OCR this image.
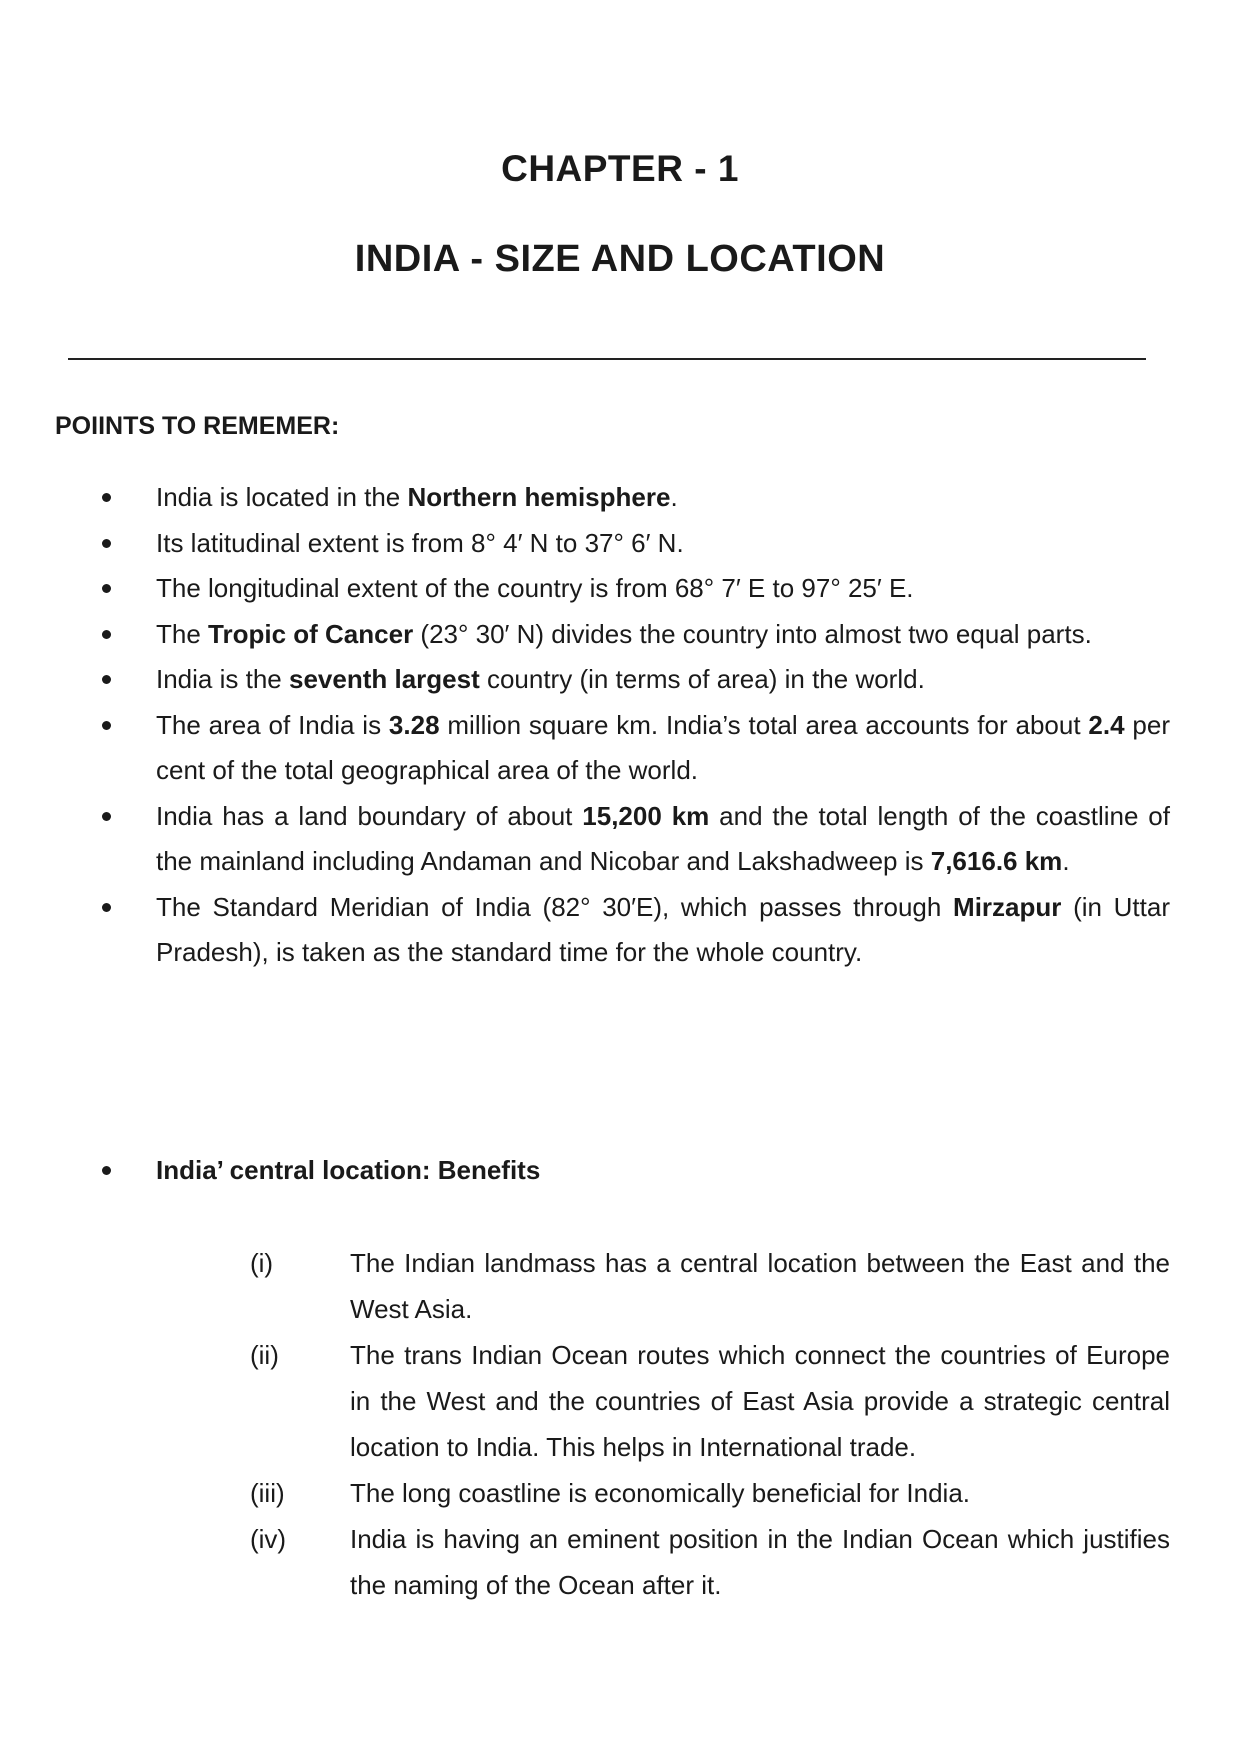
CHAPTER - 1
INDIA - SIZE AND LOCATION
POIINTS TO REMEMER:
India is located in the Northern hemisphere.
Its latitudinal extent is from 8° 4′ N to 37° 6′ N.
The longitudinal extent of the country is from 68° 7′ E to 97° 25′ E.
The Tropic of Cancer (23° 30′ N) divides the country into almost two equal parts.
India is the seventh largest country (in terms of area) in the world.
The area of India is 3.28 million square km. India’s total area accounts for about 2.4 per cent of the total geographical area of the world.
India has a land boundary of about 15,200 km and the total length of the coastline of the mainland including Andaman and Nicobar and Lakshadweep is 7,616.6 km.
The Standard Meridian of India (82° 30′E), which passes through Mirzapur (in Uttar Pradesh), is taken as the standard time for the whole country.
India’ central location: Benefits
(i)	The Indian landmass has a central location between the East and the West Asia.
(ii)	The trans Indian Ocean routes which connect the countries of Europe in the West and the countries of East Asia provide a strategic central location to India. This helps in International trade.
(iii)	The long coastline is economically beneficial for India.
(iv) India is having an eminent position in the Indian Ocean which justifies the naming of the Ocean after it.
